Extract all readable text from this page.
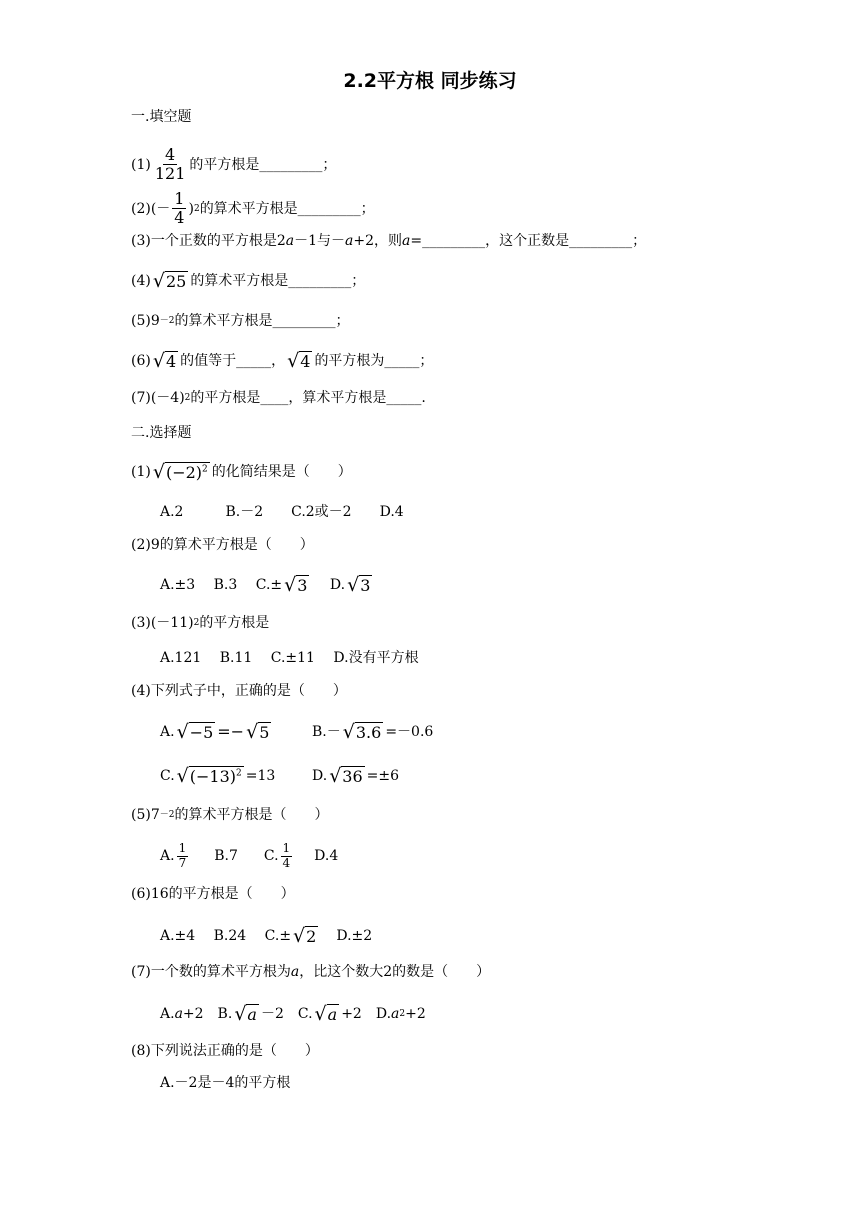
2.2平方根 同步练习
一.填空题
$(1) \frac{4}{121}$ 的平方根是_________；
$(2)(- \frac{1}{4}$ ) 2 的算术平方根是_________；
(3)一个正数的平方根是2 a －1与－ a +2，则 a =_________，这个正数是_________；
(4) √ 25 的算术平方根是_________；
(5)9 －2 的算术平方根是_________；
(6) √ 4 的值等于_____， √ 4 的平方根为_____；
(7)(－4) 2 的平方根是____，算术平方根是_____.
二.选择题
(1) √ $(-2)^2$ 的化简结果是（　　）
A.2　　　B.－2　　C.2或－2　　D.4
(2)9的算术平方根是（　　）
A.±3　 B.3　 C.± √ 3 　 D. √ 3
(3)(－11) 2 的平方根是
A.121　 B.11　 C.±11　 D.没有平方根
(4)下列式子中，正确的是（　　）
A. √ −5 =− √ 5	B.－ √ 3.6 =－0.6
C. √ $(-13)^2 =13$	D. √ 36 =±6
(5)7 －2 的算术平方根是（　　）
A. $\frac{1}{7} B.7$ C. $\frac{1}{4} D.4$
(6)16的平方根是（　　）
A.±4　 B.24　 C.± √ 2 D.±2
(7)一个数的算术平方根为 a ，比这个数大2的数是（　　）
A. a +2　B. √ a －2　C. √ a +2　D. a 2 +2
(8)下列说法正确的是（　　）
A.－2是－4的平方根
